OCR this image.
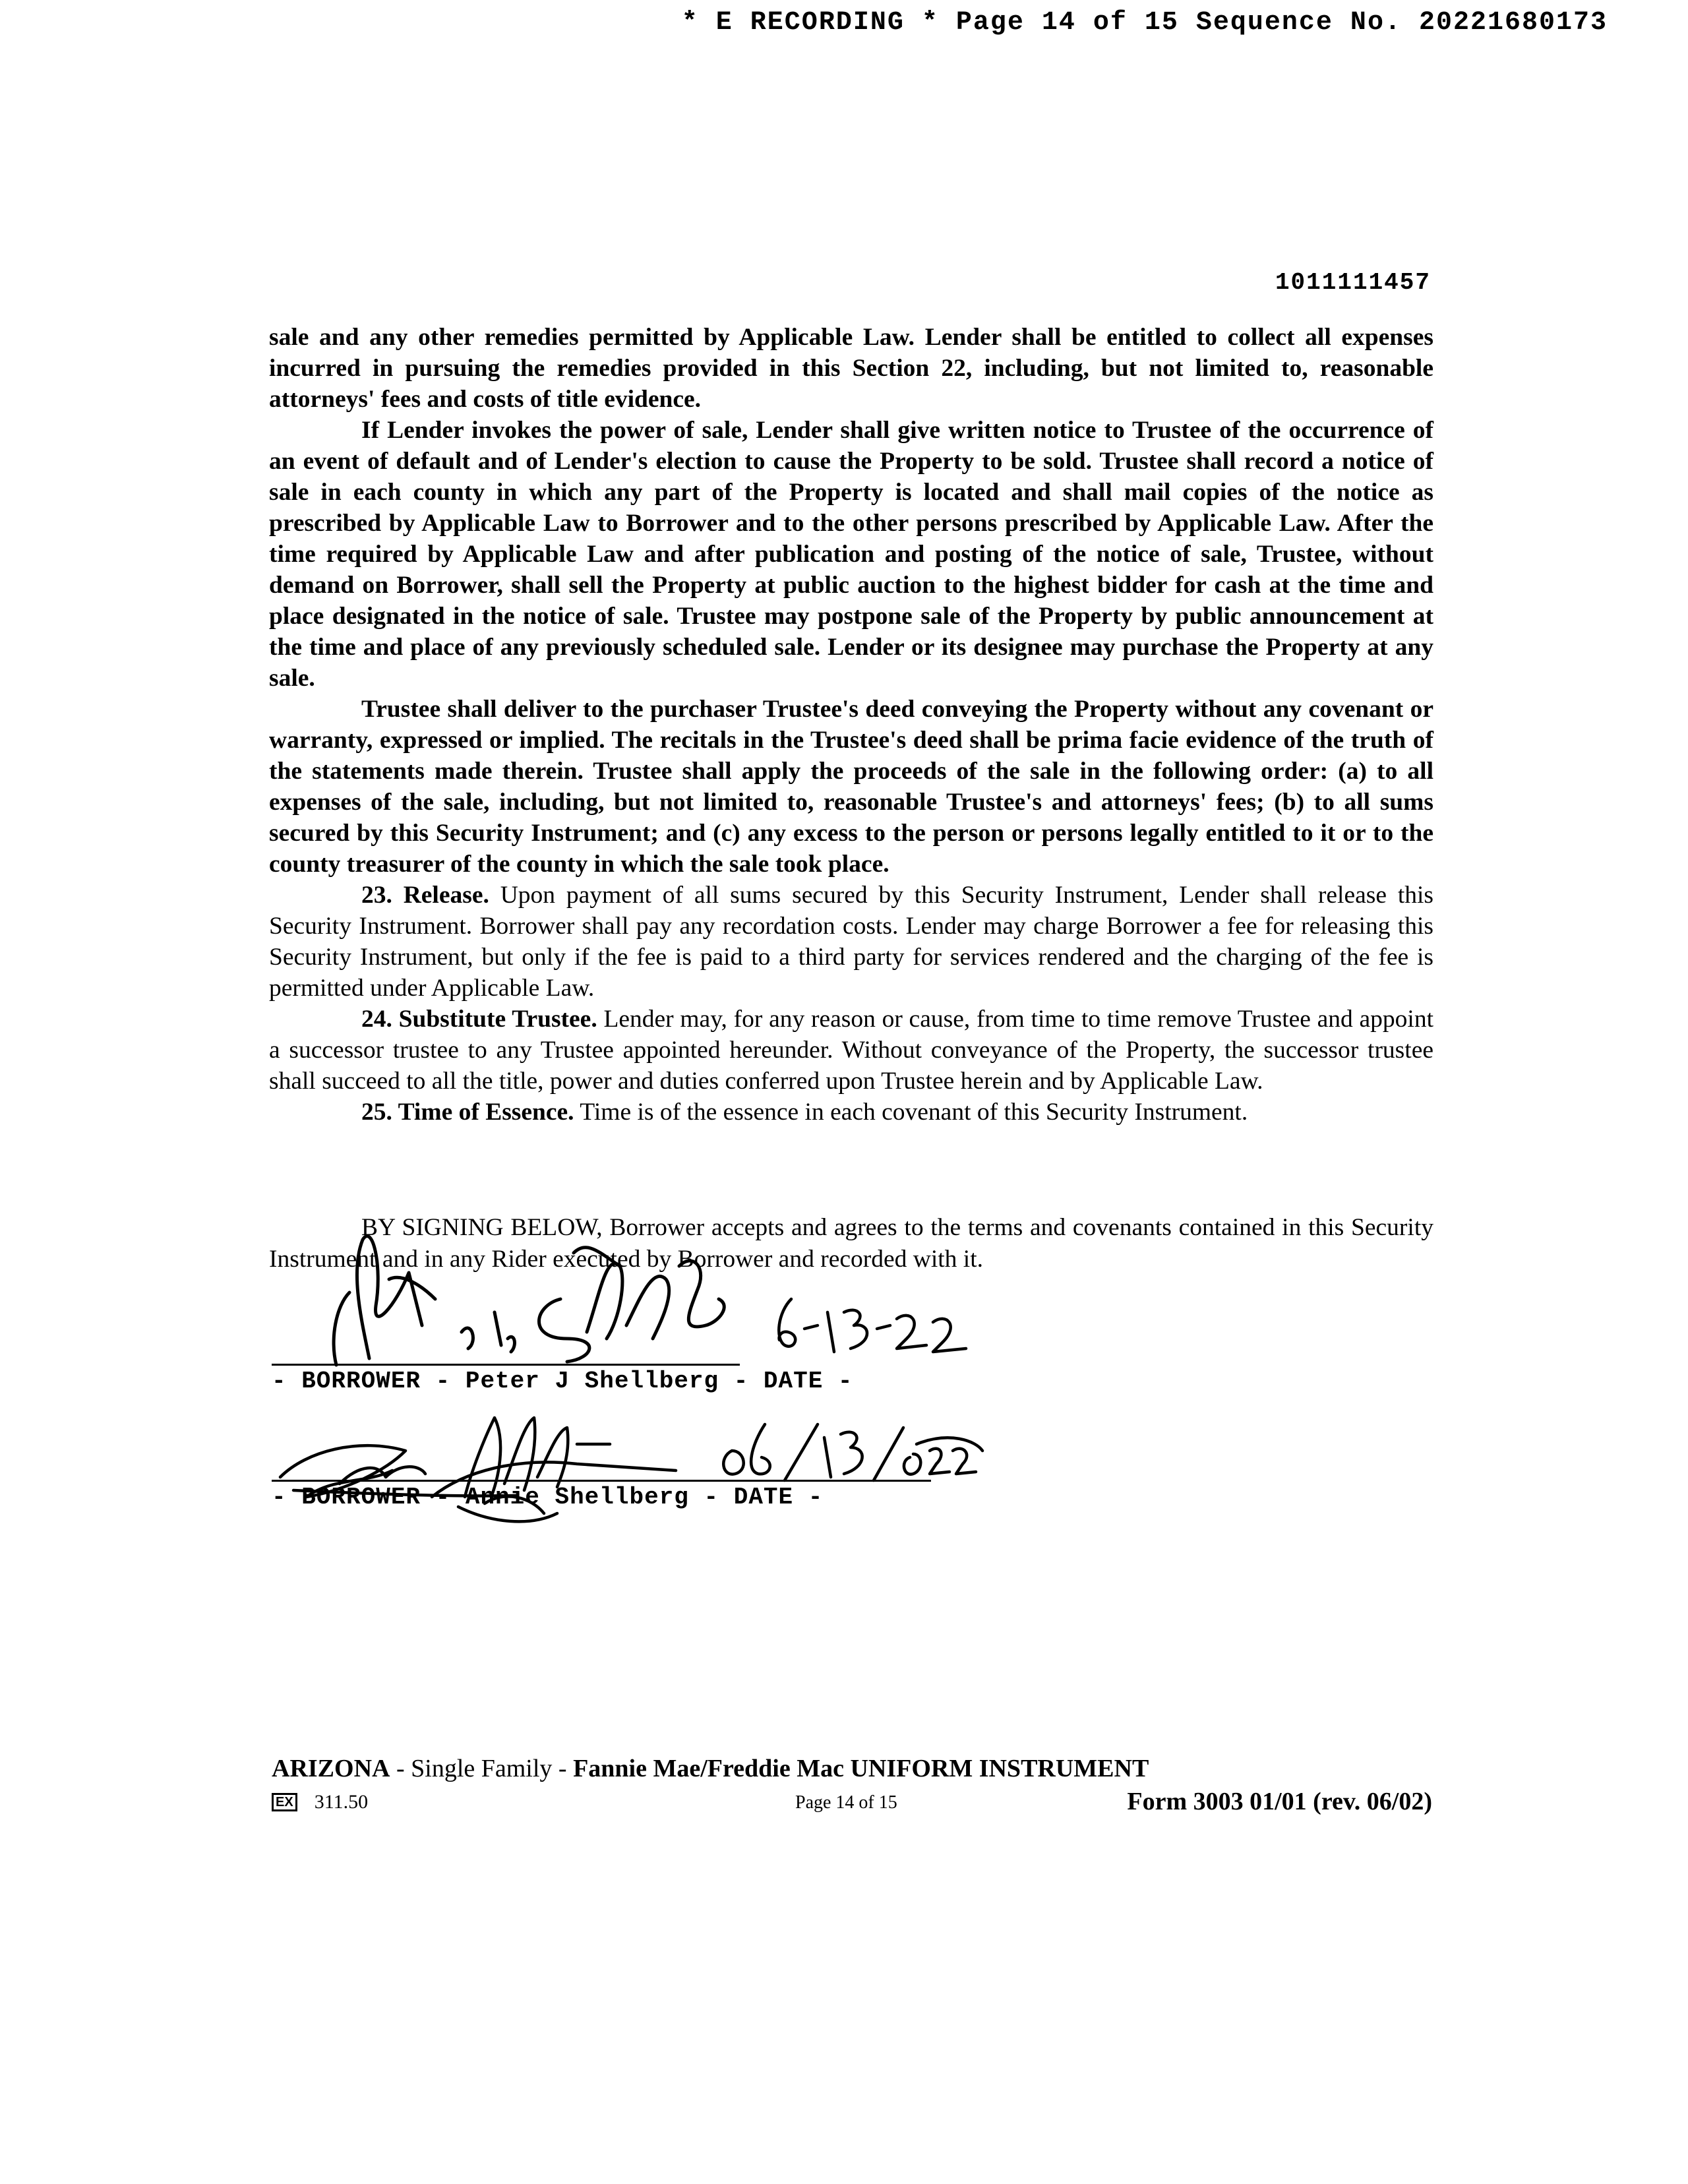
* E RECORDING * Page 14 of 15 Sequence No. 20221680173
1011111457

sale and any other remedies permitted by Applicable Law. Lender shall be entitled to collect all expenses incurred in pursuing the remedies provided in this Section 22, including, but not limited to, reasonable attorneys' fees and costs of title evidence.

If Lender invokes the power of sale, Lender shall give written notice to Trustee of the occurrence of an event of default and of Lender's election to cause the Property to be sold. Trustee shall record a notice of sale in each county in which any part of the Property is located and shall mail copies of the notice as prescribed by Applicable Law to Borrower and to the other persons prescribed by Applicable Law. After the time required by Applicable Law and after publication and posting of the notice of sale, Trustee, without demand on Borrower, shall sell the Property at public auction to the highest bidder for cash at the time and place designated in the notice of sale. Trustee may postpone sale of the Property by public announcement at the time and place of any previously scheduled sale. Lender or its designee may purchase the Property at any sale.

Trustee shall deliver to the purchaser Trustee's deed conveying the Property without any covenant or warranty, expressed or implied. The recitals in the Trustee's deed shall be prima facie evidence of the truth of the statements made therein. Trustee shall apply the proceeds of the sale in the following order: (a) to all expenses of the sale, including, but not limited to, reasonable Trustee's and attorneys' fees; (b) to all sums secured by this Security Instrument; and (c) any excess to the person or persons legally entitled to it or to the county treasurer of the county in which the sale took place.

23. Release. Upon payment of all sums secured by this Security Instrument, Lender shall release this Security Instrument. Borrower shall pay any recordation costs. Lender may charge Borrower a fee for releasing this Security Instrument, but only if the fee is paid to a third party for services rendered and the charging of the fee is permitted under Applicable Law.

24. Substitute Trustee. Lender may, for any reason or cause, from time to time remove Trustee and appoint a successor trustee to any Trustee appointed hereunder. Without conveyance of the Property, the successor trustee shall succeed to all the title, power and duties conferred upon Trustee herein and by Applicable Law.

25. Time of Essence. Time is of the essence in each covenant of this Security Instrument.

BY SIGNING BELOW, Borrower accepts and agrees to the terms and covenants contained in this Security Instrument and in any Rider executed by Borrower and recorded with it.
- BORROWER - Peter J Shellberg - DATE -
- BORROWER - Annie Shellberg - DATE -
ARIZONA - Single Family - Fannie Mae/Freddie Mac UNIFORM INSTRUMENT
EX 311.50	Page 14 of 15	Form 3003 01/01 (rev. 06/02)
